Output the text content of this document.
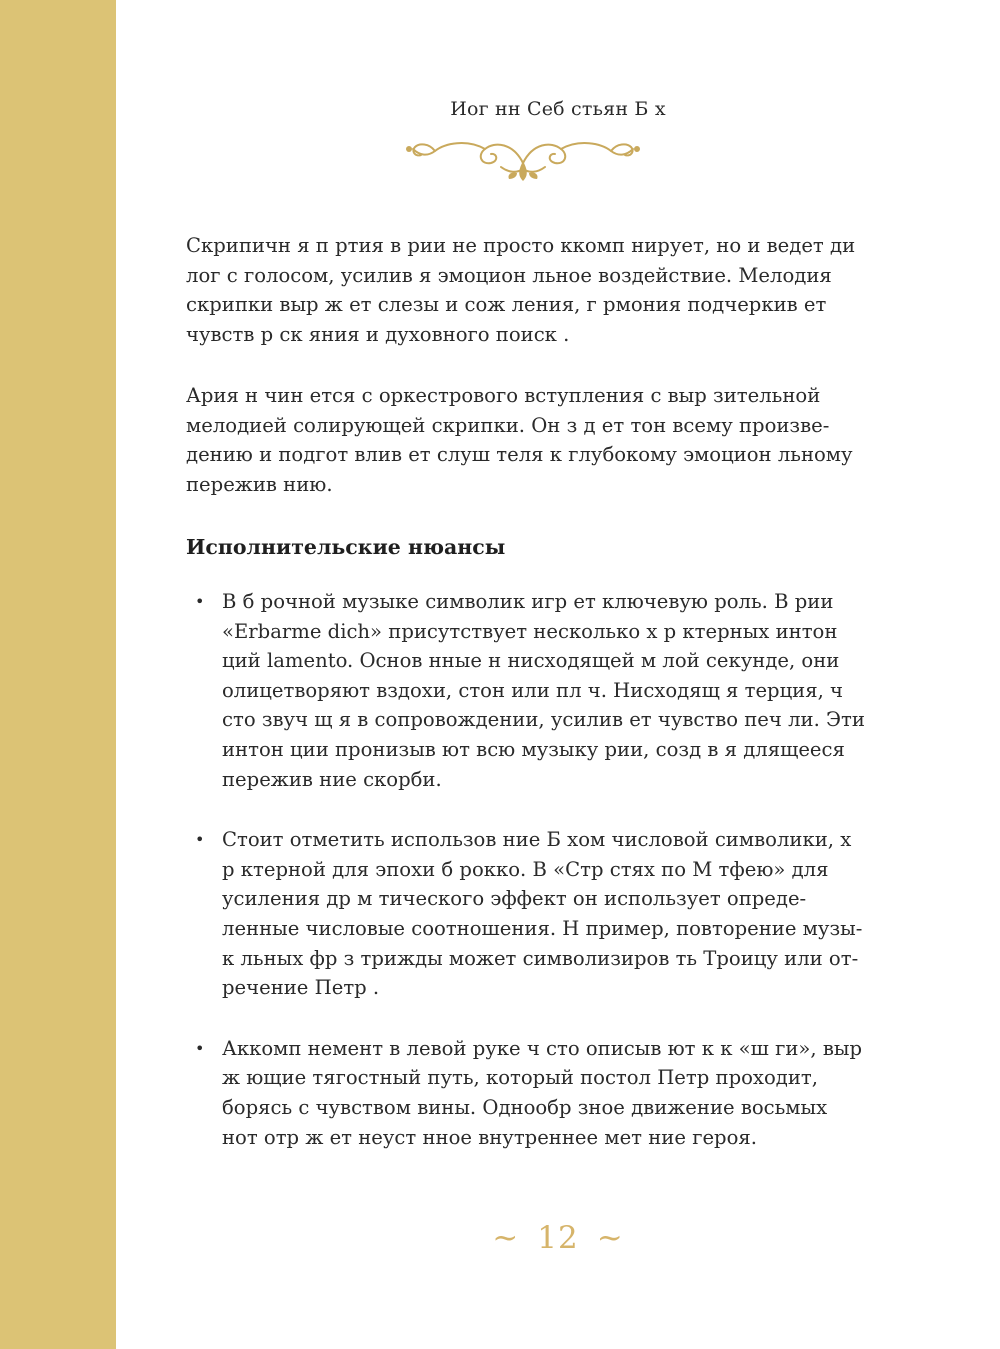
Иог нн Себ стьян Б х

Скрипичн я п ртия в рии не просто ккомп нирует, но и ведет ди лог с голосом, усилив я эмоцион льное воздействие. Мелодия скрипки выр ж ет слезы и сож ления, г рмония подчеркив ет чувств р ск яния и духовного поиск .

Ария н чин ется с оркестрового вступления с выр зительной мелодией солирующей скрипки. Он з д ет тон всему произведению и подгот влив ет слуш теля к глубокому эмоцион льному пережив нию.

Исполнительские нюансы
• В б рочной музыке символик игр ет ключевую роль. В рии «Erbarme dich» присутствует несколько х р ктерных интон ций lamento. Основ нные н нисходящей м лой секунде, они олицетворяют вздохи, стон или пл ч. Нисходящ я терция, ч сто звуч щ я в сопровождении, усилив ет чувство печ ли. Эти интон ции пронизыв ют всю музыку рии, созд в я длящееся пережив ние скорби.
• Стоит отметить использов ние Б хом числовой символики, х р ктерной для эпохи б рокко. В «Стр стях по М тфею» для усиления др м тического эффект он использует определенные числовые соотношения. Н пример, повторение музык льных фр з трижды может символизиров ть Троицу или отречение Петр .
• Аккомп немент в левой руке ч сто описыв ют к к «ш ги», выр ж ющие тягостный путь, который постол Петр проходит, борясь с чувством вины. Однообр зное движение восьмых нот отр ж ет неуст нное внутреннее мет ние героя.
~ 12 ~
